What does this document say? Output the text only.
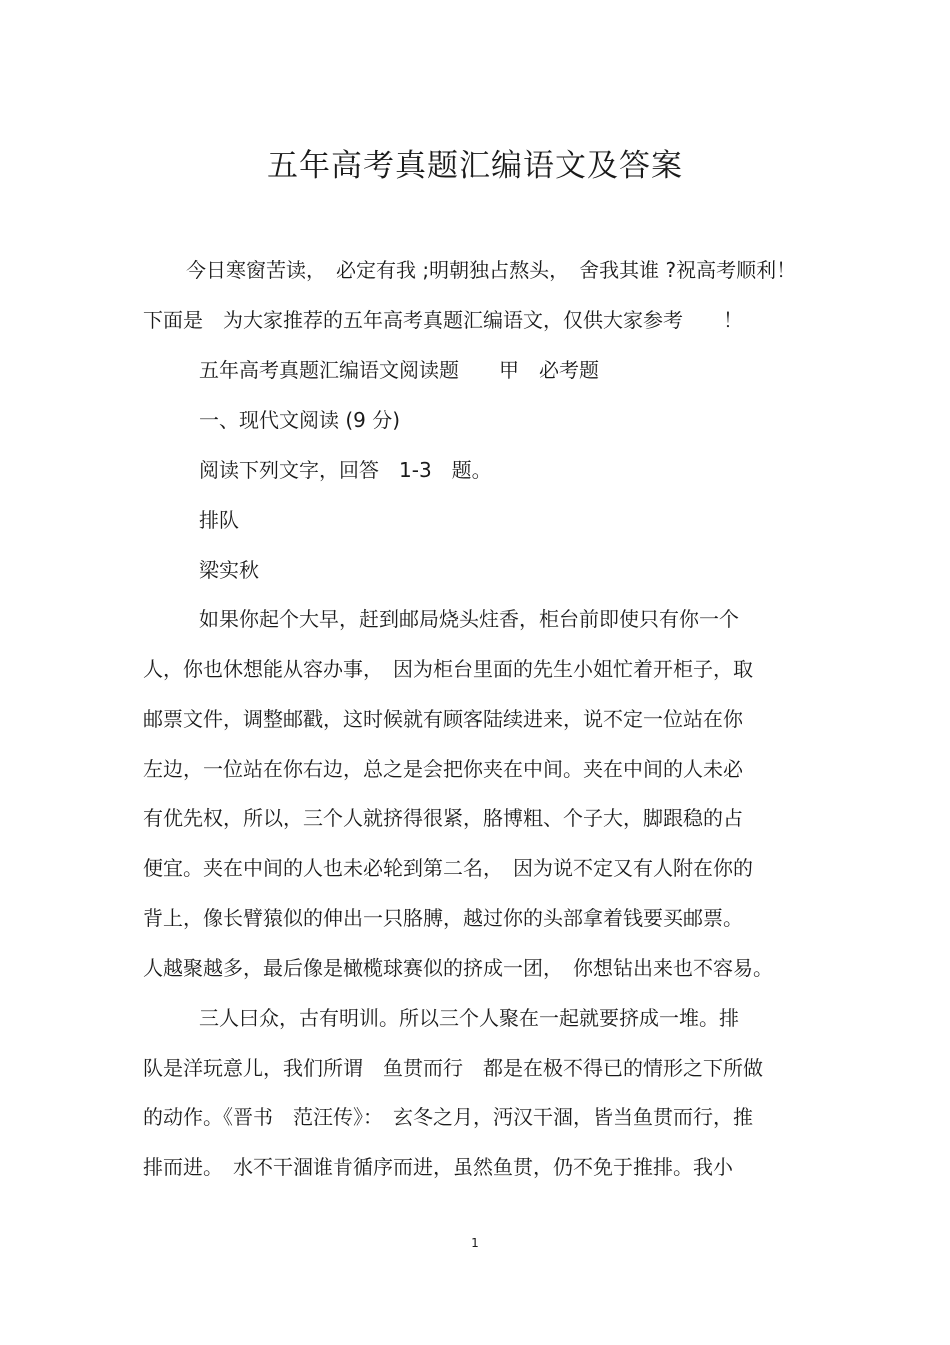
五年高考真题汇编语文及答案

今日寒窗苦读，　必定有我 ;明朝独占熬头，　舍我其谁 ?祝高考顺利！

下面是　为大家推荐的五年高考真题汇编语文，仅供大家参考　　！

五年高考真题汇编语文阅读题　　甲　必考题

一、现代文阅读 (9 分)

阅读下列文字，回答　1-3　题。

排队

梁实秋

如果你起个大早，赶到邮局烧头炷香，柜台前即使只有你一个

人，你也休想能从容办事，　因为柜台里面的先生小姐忙着开柜子，取

邮票文件，调整邮戳，这时候就有顾客陆续进来，说不定一位站在你

左边，一位站在你右边，总之是会把你夹在中间。夹在中间的人未必

有优先权，所以，三个人就挤得很紧，胳博粗、个子大，脚跟稳的占

便宜。夹在中间的人也未必轮到第二名，　因为说不定又有人附在你的

背上，像长臂猿似的伸出一只胳膊，越过你的头部拿着钱要买邮票。

人越聚越多，最后像是橄榄球赛似的挤成一团，　你想钻出来也不容易。

三人曰众，古有明训。所以三个人聚在一起就要挤成一堆。排

队是洋玩意儿，我们所谓　鱼贯而行　都是在极不得已的情形之下所做

的动作。《晋书　范汪传》：　玄冬之月，沔汉干涸，皆当鱼贯而行，推

排而进。　水不干涸谁肯循序而进，虽然鱼贯，仍不免于推排。我小

1
